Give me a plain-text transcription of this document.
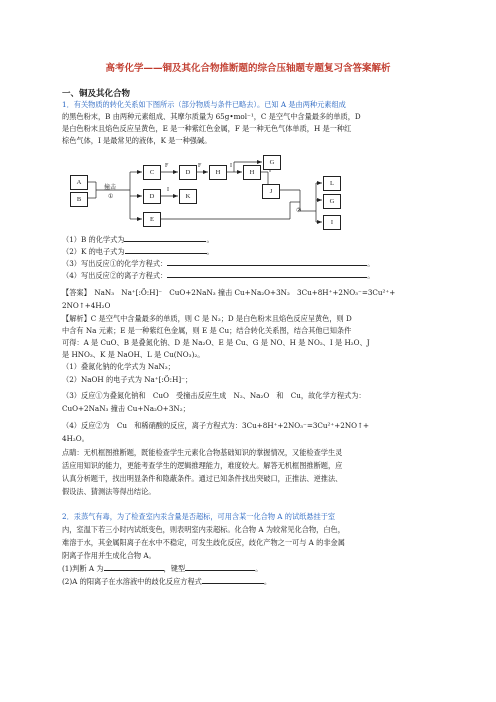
高考化学——铜及其化合物推断题的综合压轴题专题复习含答案解析
一、铜及其化合物
1．有关物质的转化关系如下图所示（部分物质与条件已略去）。已知 A 是由两种元素组成
的黑色粉末，B 由两种元素组成、其摩尔质量为 65g•mol⁻¹，C 是空气中含量最多的单质，D
是白色粉末且焰色反应呈黄色，E 是一种紫红色金属，F 是一种无色气体单质，H 是一种红
棕色气体，I 是最常见的液体，K 是一种强碱。
A
B
撞击
①
C
D
E
F
D
I
K
F
H
I
H
G
J
②
L
G
I
（1）B 的化学式为	。
（2）K 的电子式为	。
（3）写出反应①的化学方程式：	。
（4）写出反应②的离子方程式：	。
【答案】　 NaN₃　Na⁺[:Ö:H]⁻　CuO+2NaN₃ 撞击 Cu+Na₂O+3N₂　3Cu+8H⁺+2NO₃⁻=3Cu²⁺+
2NO↑+4H₂O
【解析】C 是空气中含量最多的单质，则 C 是 N₂；D 是白色粉末且焰色反应呈黄色，则 D
中含有 Na 元素；E 是一种紫红色金属，则 E 是 Cu；结合转化关系图，结合其他已知条件
可得：A 是 CuO、B 是叠氮化钠、D 是 Na₂O、E 是 Cu、G 是 NO、H 是 NO₂、I 是 H₂O、J
是 HNO₃、K 是 NaOH、L 是 Cu(NO₃)₂。
（1）叠氮化钠的化学式为 NaN₃；
（2）NaOH 的电子式为 Na⁺[:Ö:H]⁻；
（3）反应①为叠氮化钠和　CuO　受撞击反应生成　N₂、Na₂O　和　Cu，故化学方程式为：
CuO+2NaN₃ 撞击 Cu+Na₂O+3N₂；
（4）反应②为　Cu　和稀硝酸的反应，离子方程式为：3Cu+8H⁺+2NO₃⁻=3Cu²⁺+2NO↑+
4H₂O。
点睛：无机框图推断题，既能检查学生元素化合物基础知识的掌握情况，又能检查学生灵
活应用知识的能力，更能考查学生的逻辑推理能力，难度较大。解答无机框图推断题，应
认真分析题干，找出明显条件和隐蔽条件。通过已知条件找出突破口，正推法、逆推法、
假设法、猜测法等得出结论。
2．汞蒸气有毒，为了检查室内汞含量是否超标，可用含某一化合物 A 的试纸悬挂于室
内，室温下若三小时内试纸变色，则表明室内汞超标。化合物 A 为较常见化合物，白色，
难溶于水，其金属阳离子在水中不稳定，可发生歧化反应，歧化产物之一可与 A 的非金属
阴离子作用并生成化合物 A。
(1)判断 A 为	，键型	。
(2)A 的阳离子在水溶液中的歧化反应方程式	。
